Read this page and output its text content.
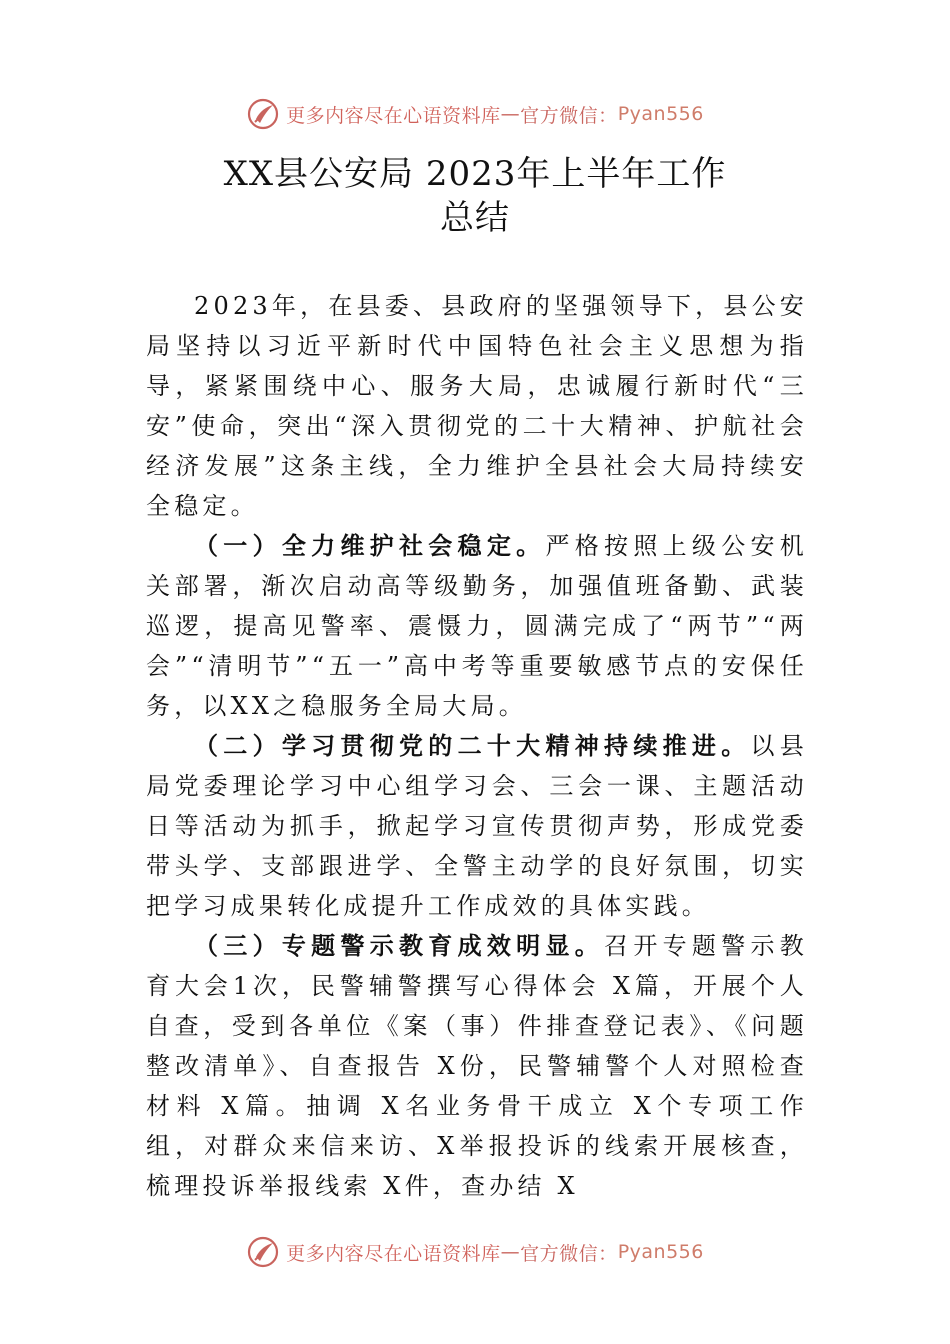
更多内容尽在心语资料库 — 官方微信： Pyan556
XX县公安局 2023年上半年工作
总结

2023年，在县委、县政府的坚强领导下，县公安局坚持以习近平新时代中国特色社会主义思想为指导，紧紧围绕中心、服务大局，忠诚履行新时代“三安”使命，突出“深入贯彻党的二十大精神、护航社会经济发展”这条主线，全力维护全县社会大局持续安全稳定。

（一）全力维护社会稳定。严格按照上级公安机关部署，渐次启动高等级勤务，加强值班备勤、武装巡逻，提高见警率、震慑力，圆满完成了“两节”“两会”“清明节”“五一”高中考等重要敏感节点的安保任务，以XX之稳服务全局大局。

（二）学习贯彻党的二十大精神持续推进。以县局党委理论学习中心组学习会、三会一课、主题活动日等活动为抓手，掀起学习宣传贯彻声势，形成党委带头学、支部跟进学、全警主动学的良好氛围，切实把学习成果转化成提升工作成效的具体实践。

（三）专题警示教育成效明显。召开专题警示教育大会1次，民警辅警撰写心得体会 X篇，开展个人自查，受到各单位《案（事）件排查登记表》、《问题整改清单》、自查报告 X份，民警辅警个人对照检查材料 X篇。抽调 X名业务骨干成立 X个专项工作组，对群众来信来访、X举报投诉的线索开展核查，梳理投诉举报线索 X件，查办结 X

更多内容尽在心语资料库 — 官方微信： Pyan556
